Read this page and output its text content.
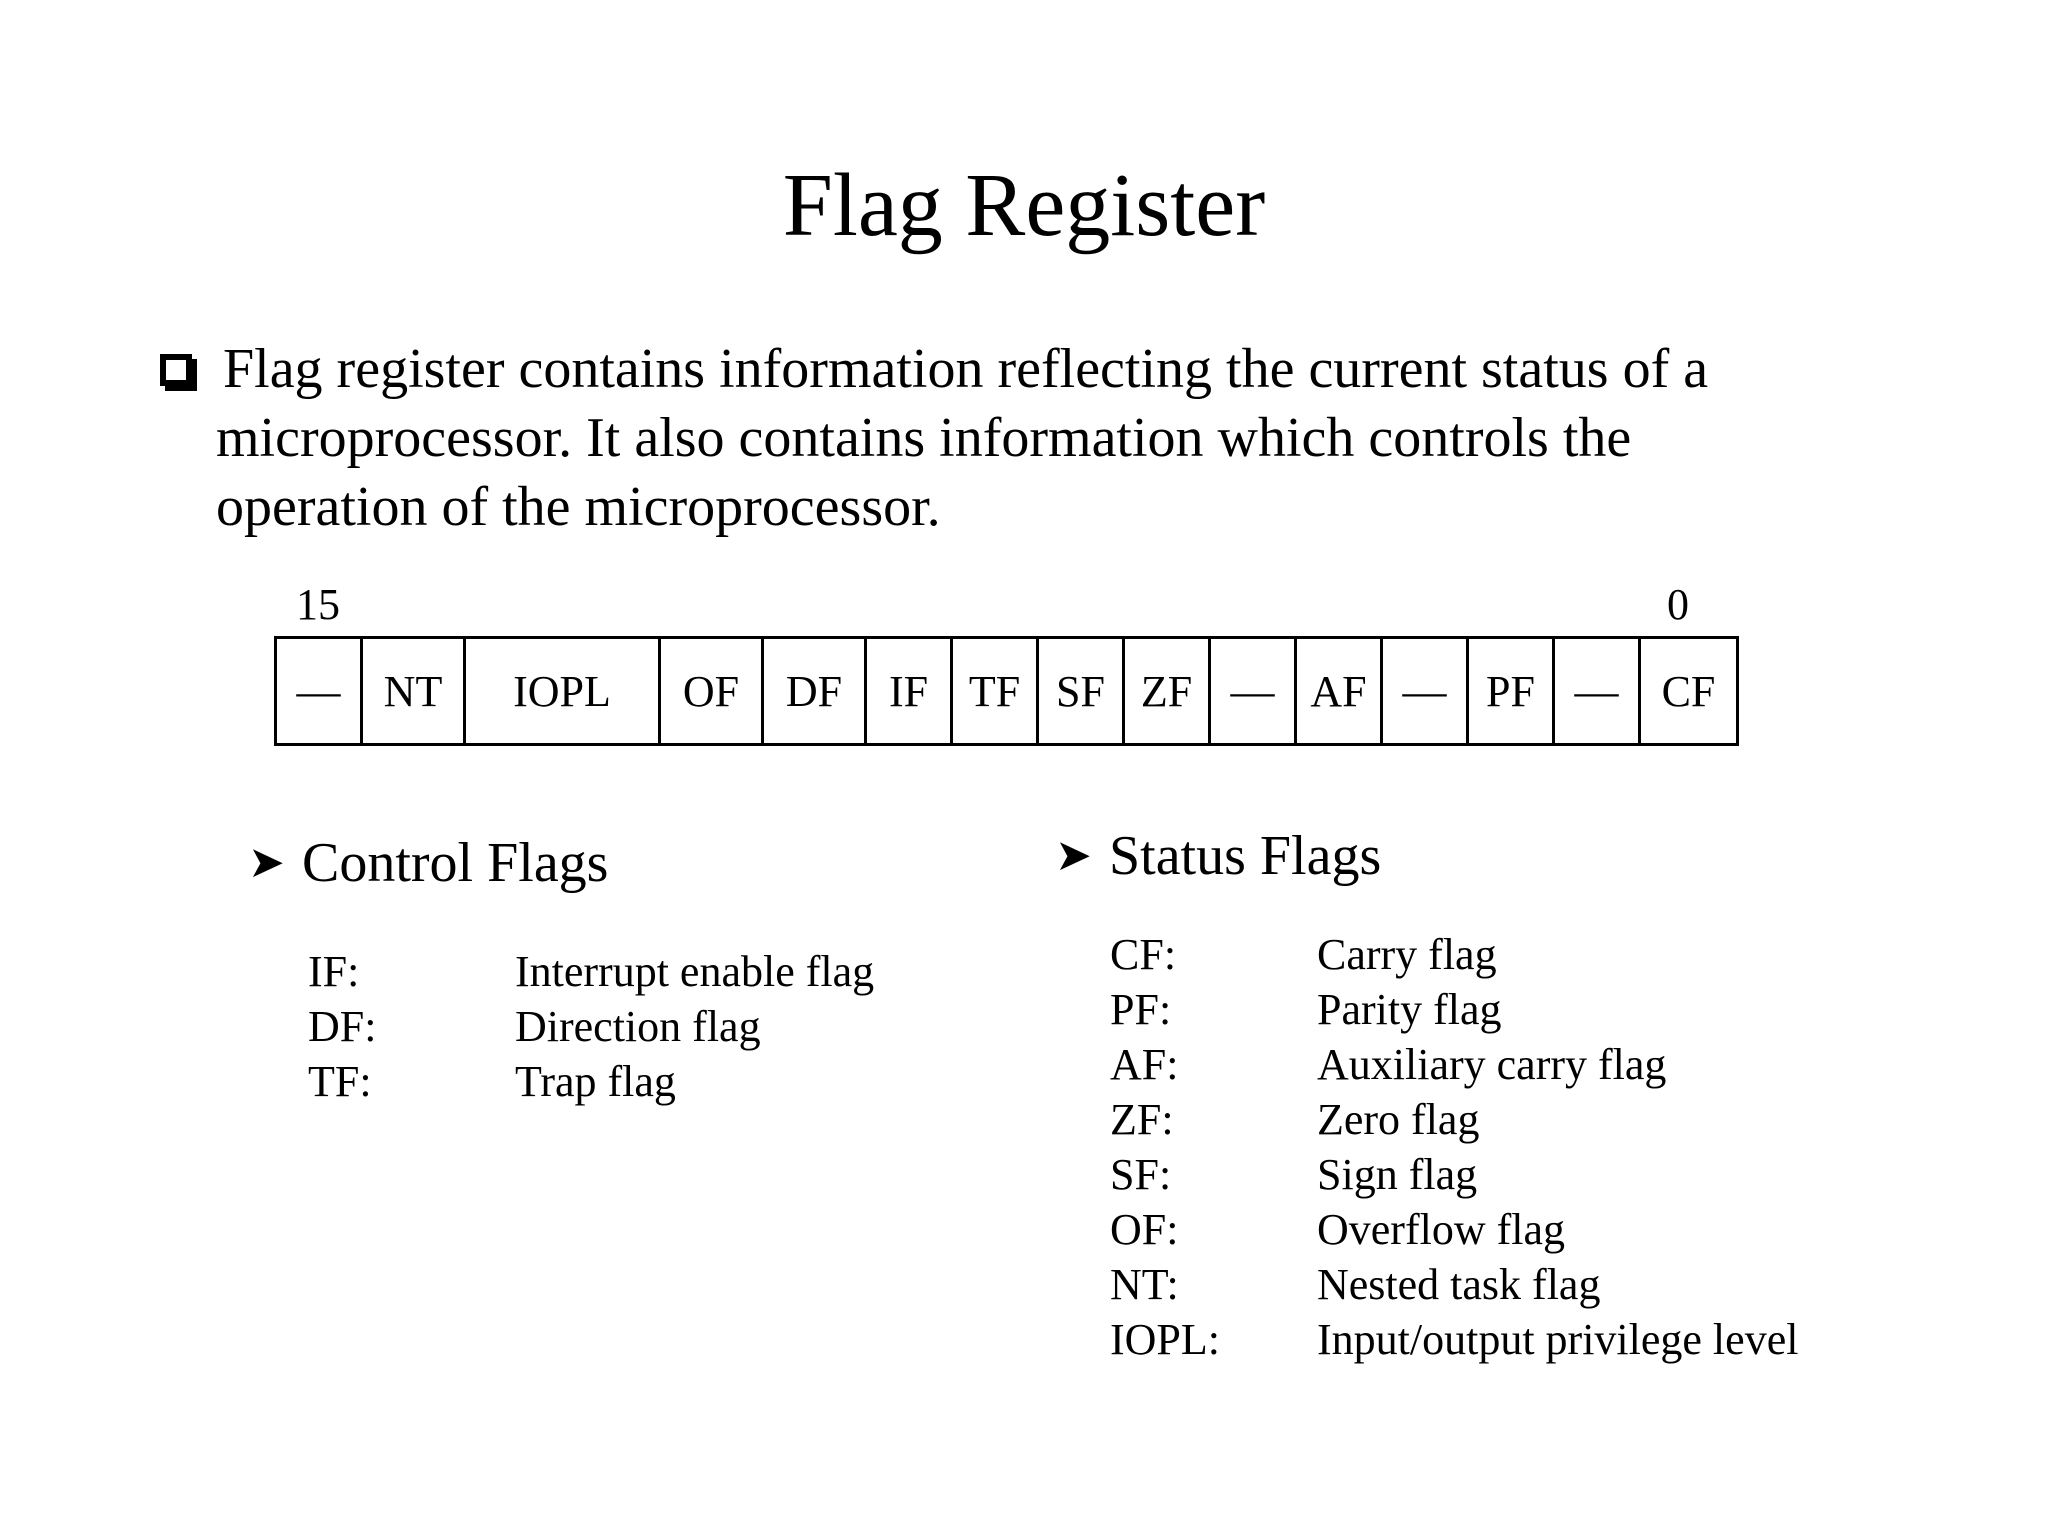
Flag Register
Flag register contains information reflecting the current status of a
microprocessor. It also contains information which controls the
operation of the microprocessor.
15	0
— NT	IOPL	OF	DF	IF TF SF ZF — AF — PF — CF
➤ Control Flags	➤ Status Flags
IF:	Interrupt enable flag
DF:	Direction flag
TF:	Trap flag
CF:	Carry flag
PF:	Parity flag
AF:	Auxiliary carry flag
ZF:	Zero flag
SF:	Sign flag
OF:	Overflow flag
NT:	Nested task flag
IOPL:	Input/output privilege level
